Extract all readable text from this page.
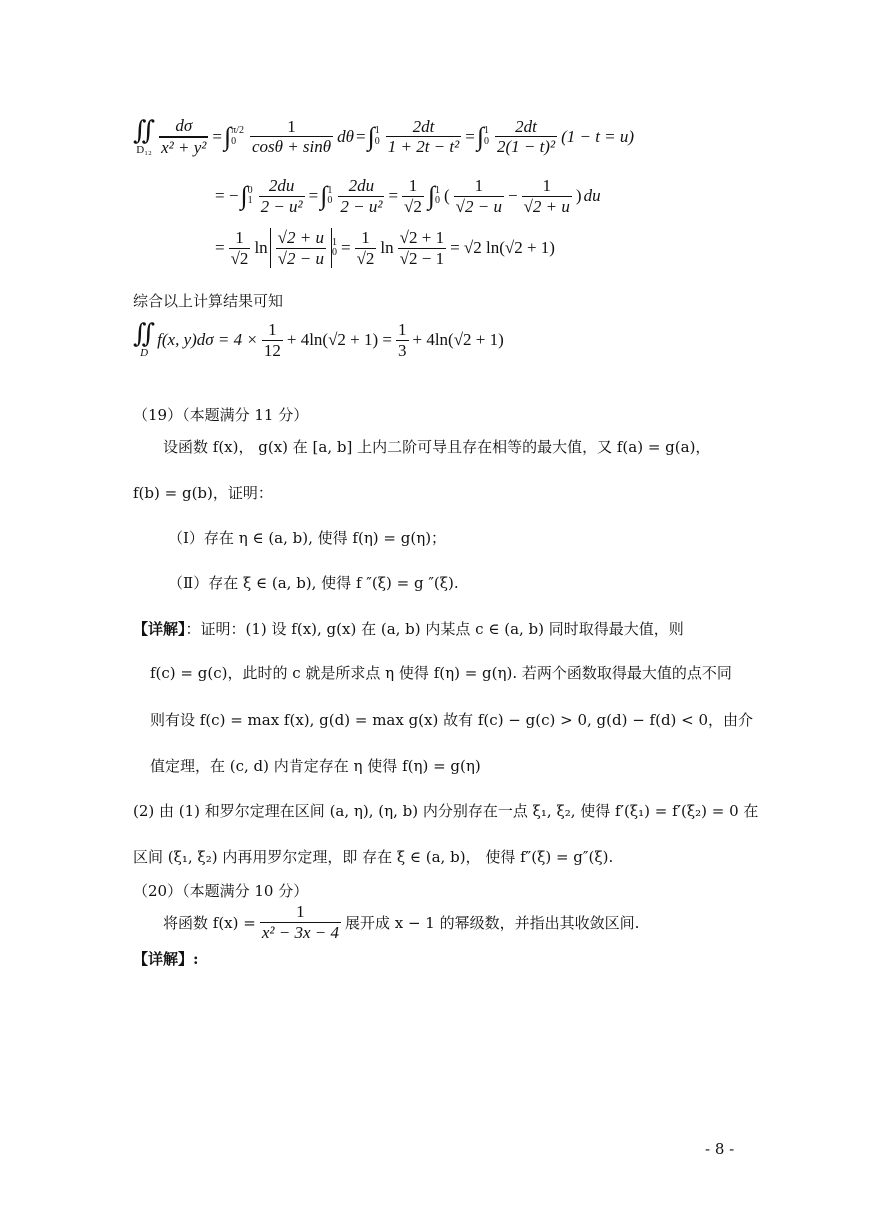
∬
$D_{12} \frac{d\sigma}{\text{x² + y²}}$ = ∫ π/2
$0 \frac{1}{\cos\theta + \sin\theta}$ dθ = ∫ 1
$0 \frac{2dt}{\text{1 + 2t − t²}}$ = ∫ 1
$0 \frac{2dt}{\text{2(1 − t)²}} (1 - t = u)$
= − ∫ 0
$1 \frac{2du}{\text{2 − u²}}$ = ∫ 1
$0 \frac{2du}{\text{2 − u²}} = \frac{1}{√2}$ ∫ 1
0 ( $\frac{1}{√2 - u} - \frac{1}{√2 + u}$ ) du
= $\frac{1}{√2}$ $\ln \frac{√2 + u}{√2 - u} 1$
$0 = \frac{1}{√2}$ $\ln \frac{√2 + 1}{√2 - 1} = √2$ ln(√2 + 1)
综合以上计算结果可知
∬
D
f(x, $y)d\sigma = 4 \times \frac{1}{12} + 4\ln(√2 + 1) = \frac{1}{3} + 4\ln(√2 + 1)$
（19）（本题满分 11 分）
设函数 f(x)， g(x) 在 [a, b] 上内二阶可导且存在相等的最大值，又 f(a) = g(a)，
f(b) = g(b)，证明：
（Ⅰ）存在 η ∈ (a, b), 使得 f(η) = g(η)；
（Ⅱ）存在 ξ ∈ (a, b), 使得 f ″(ξ) = g ″(ξ).
【详解】：证明：(1) 设 f(x), g(x) 在 (a, b) 内某点 c ∈ (a, b) 同时取得最大值，则
f(c) = g(c)，此时的 c 就是所求点 η 使得 f(η) = g(η). 若两个函数取得最大值的点不同
则有设 f(c) = max f(x), g(d) = max g(x) 故有 f(c) − g(c) > 0, g(d) − f(d) < 0，由介
值定理，在 (c, d) 内肯定存在 η 使得 f(η) = g(η)
(2) 由 (1) 和罗尔定理在区间 (a, η), (η, b) 内分别存在一点 ξ₁, ξ₂, 使得 f′(ξ₁) = f′(ξ₂) = 0 在
区间 (ξ₁, ξ₂) 内再用罗尔定理，即 存在 ξ ∈ (a, b)， 使得 f″(ξ) = g″(ξ).
（20）（本题满分 10 分）
将函数 $f(x) = \frac{1}{\text{x² − 3x − 4}}$ 展开成 x − 1 的幂级数，并指出其收敛区间.
【详解】:
- 8 -
